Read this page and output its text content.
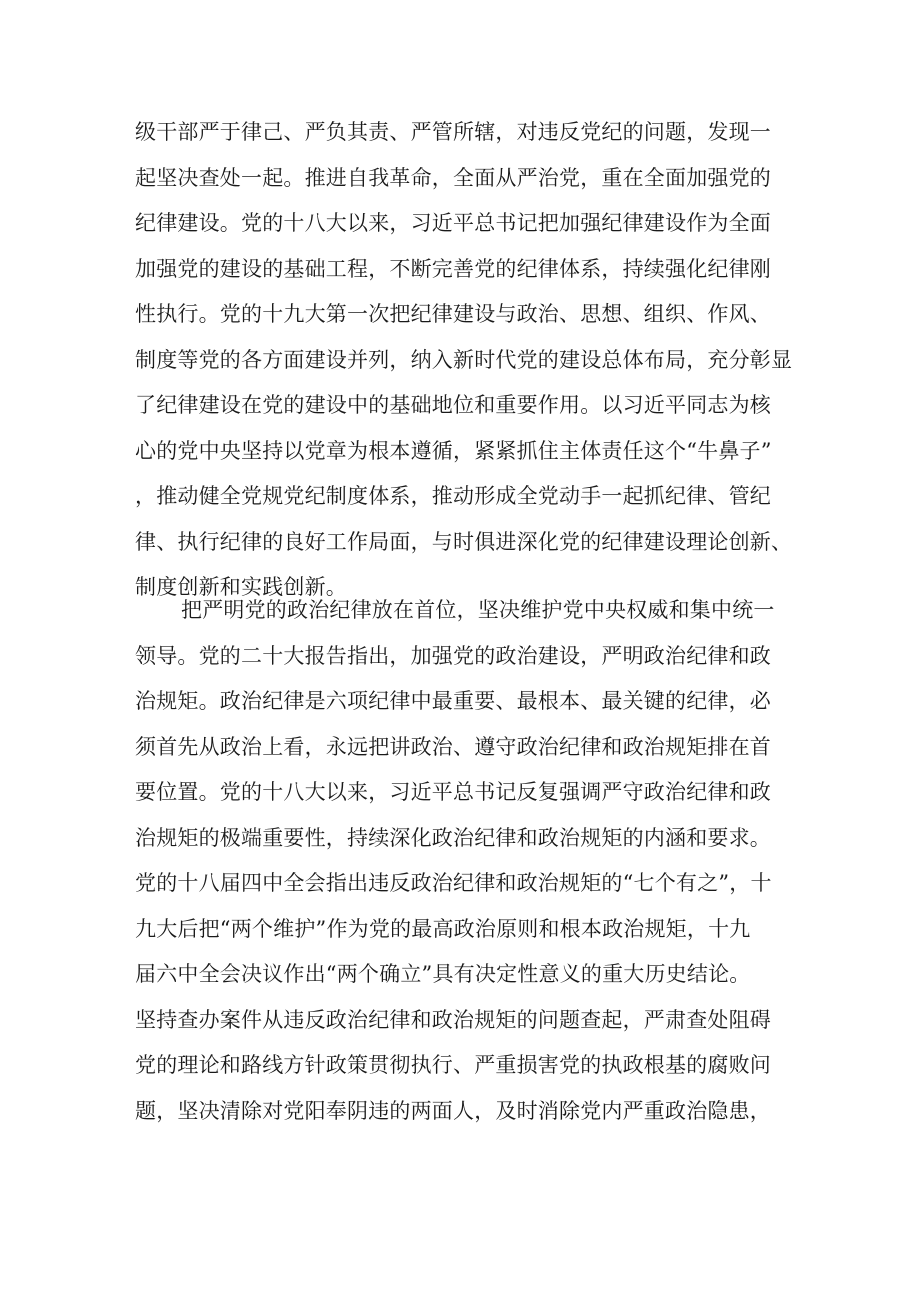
级干部严于律己、严负其责、严管所辖，对违反党纪的问题，发现一
起坚决查处一起。推进自我革命，全面从严治党，重在全面加强党的
纪律建设。党的十八大以来，习近平总书记把加强纪律建设作为全面
加强党的建设的基础工程，不断完善党的纪律体系，持续强化纪律刚
性执行。党的十九大第一次把纪律建设与政治、思想、组织、作风、
制度等党的各方面建设并列，纳入新时代党的建设总体布局，充分彰显
了纪律建设在党的建设中的基础地位和重要作用。以习近平同志为核
心的党中央坚持以党章为根本遵循，紧紧抓住主体责任这个“牛鼻子”
，推动健全党规党纪制度体系，推动形成全党动手一起抓纪律、管纪
律、执行纪律的良好工作局面，与时俱进深化党的纪律建设理论创新、
制度创新和实践创新。
把严明党的政治纪律放在首位，坚决维护党中央权威和集中统一
领导。党的二十大报告指出，加强党的政治建设，严明政治纪律和政
治规矩。政治纪律是六项纪律中最重要、最根本、最关键的纪律，必
须首先从政治上看，永远把讲政治、遵守政治纪律和政治规矩排在首
要位置。党的十八大以来，习近平总书记反复强调严守政治纪律和政
治规矩的极端重要性，持续深化政治纪律和政治规矩的内涵和要求。
党的十八届四中全会指出违反政治纪律和政治规矩的“七个有之”，十
九大后把“两个维护”作为党的最高政治原则和根本政治规矩，十九
届六中全会决议作出“两个确立”具有决定性意义的重大历史结论。
坚持查办案件从违反政治纪律和政治规矩的问题查起，严肃查处阻碍
党的理论和路线方针政策贯彻执行、严重损害党的执政根基的腐败问
题，坚决清除对党阳奉阴违的两面人，及时消除党内严重政治隐患，
